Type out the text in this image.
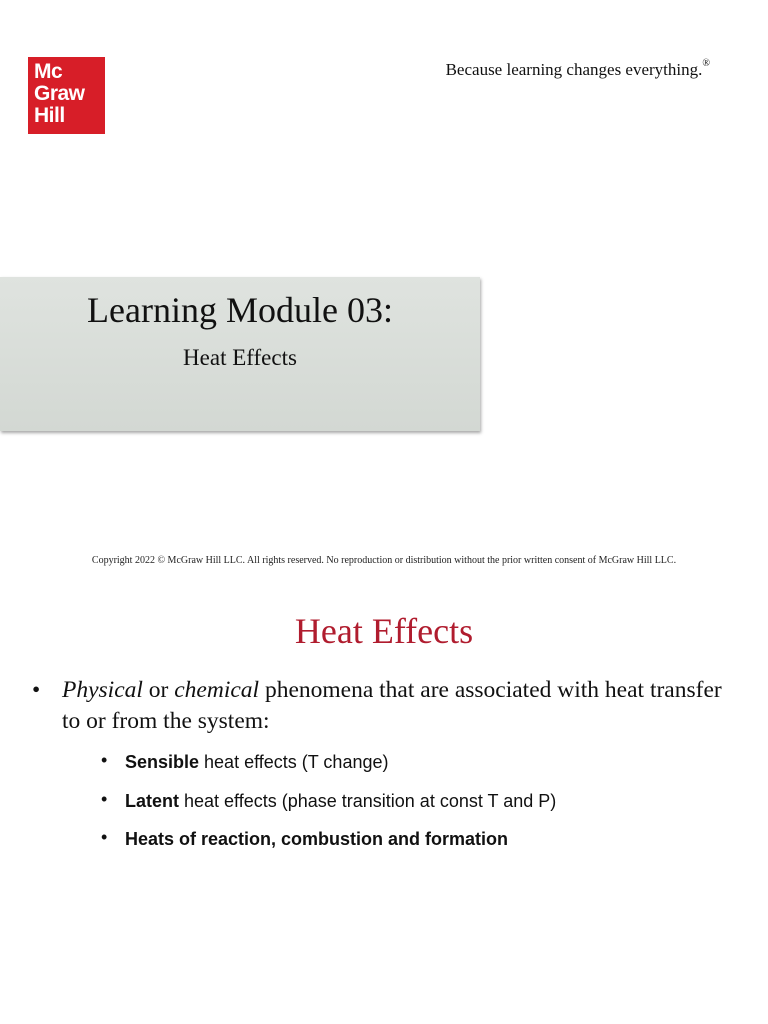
Mc
Graw
Hill
Because learning changes everything.®
Learning Module 03:
Heat Effects
Copyright 2022 © McGraw Hill LLC. All rights reserved. No reproduction or distribution without the prior written consent of McGraw Hill LLC.
Heat Effects
• Physical or chemical phenomena that are associated with heat transfer to or from the system:
• Sensible heat effects (T change)
• Latent heat effects (phase transition at const T and P)
• Heats of reaction, combustion and formation
